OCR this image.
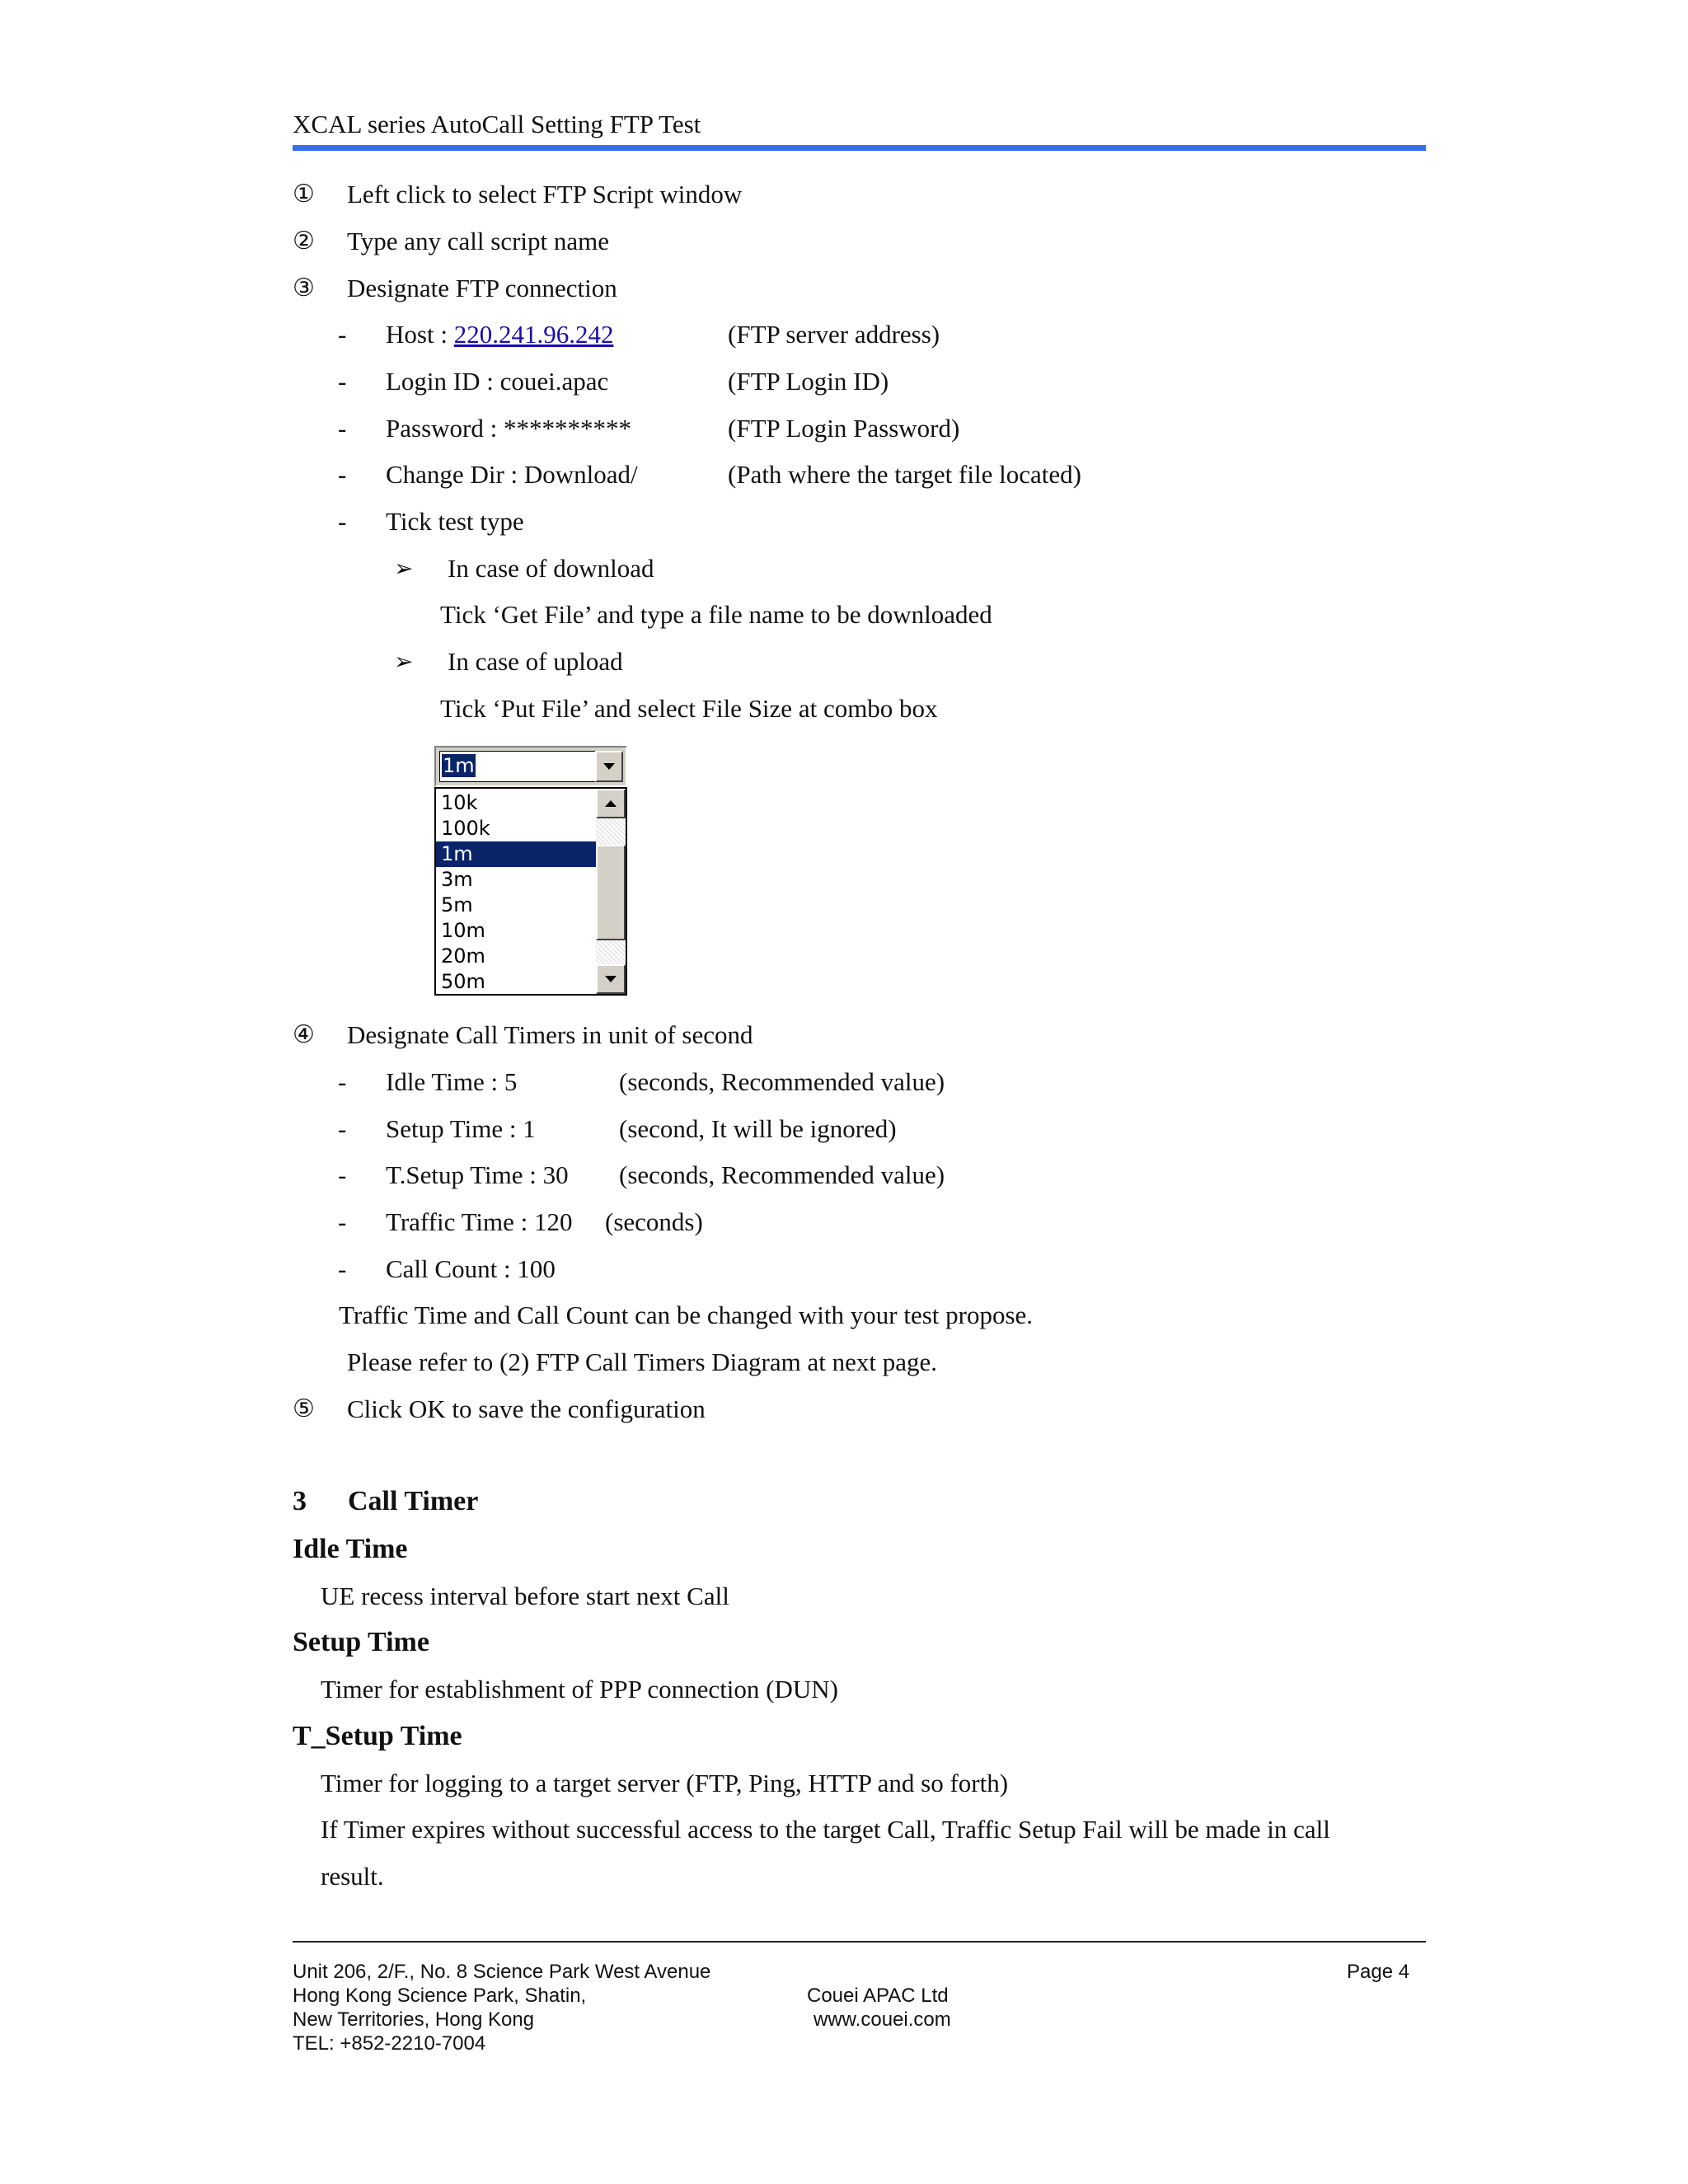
XCAL series AutoCall Setting FTP Test
① Left click to select FTP Script window
② Type any call script name
③ Designate FTP connection
- Host : 220.241.96.242	(FTP server address)
- Login ID : couei.apac	(FTP Login ID)
- Password : **********	(FTP Login Password)
- Change Dir : Download/	(Path where the target file located)
- Tick test type
➢ In case of download
Tick ‘Get File’ and type a file name to be downloaded
➢ In case of upload
Tick ‘Put File’ and select File Size at combo box
1m
10k
100k
1m
3m
5m
10m
20m
50m
④ Designate Call Timers in unit of second
- Idle Time : 5	(seconds, Recommended value)
- Setup Time : 1	(second, It will be ignored)
- T.Setup Time : 30 (seconds, Recommended value)
- Traffic Time : 120 (seconds)
- Call Count : 100
Traffic Time and Call Count can be changed with your test propose.
Please refer to (2) FTP Call Timers Diagram at next page.
⑤ Click OK to save the configuration
3 Call Timer
Idle Time
UE recess interval before start next Call
Setup Time
Timer for establishment of PPP connection (DUN)
T_Setup Time
Timer for logging to a target server (FTP, Ping, HTTP and so forth)
If Timer expires without successful access to the target Call, Traffic Setup Fail will be made in call
result.
Unit 206, 2/F., No. 8 Science Park West Avenue
Hong Kong Science Park, Shatin,
New Territories, Hong Kong
TEL: +852-2210-7004
Couei APAC Ltd
www.couei.com
Page 4
